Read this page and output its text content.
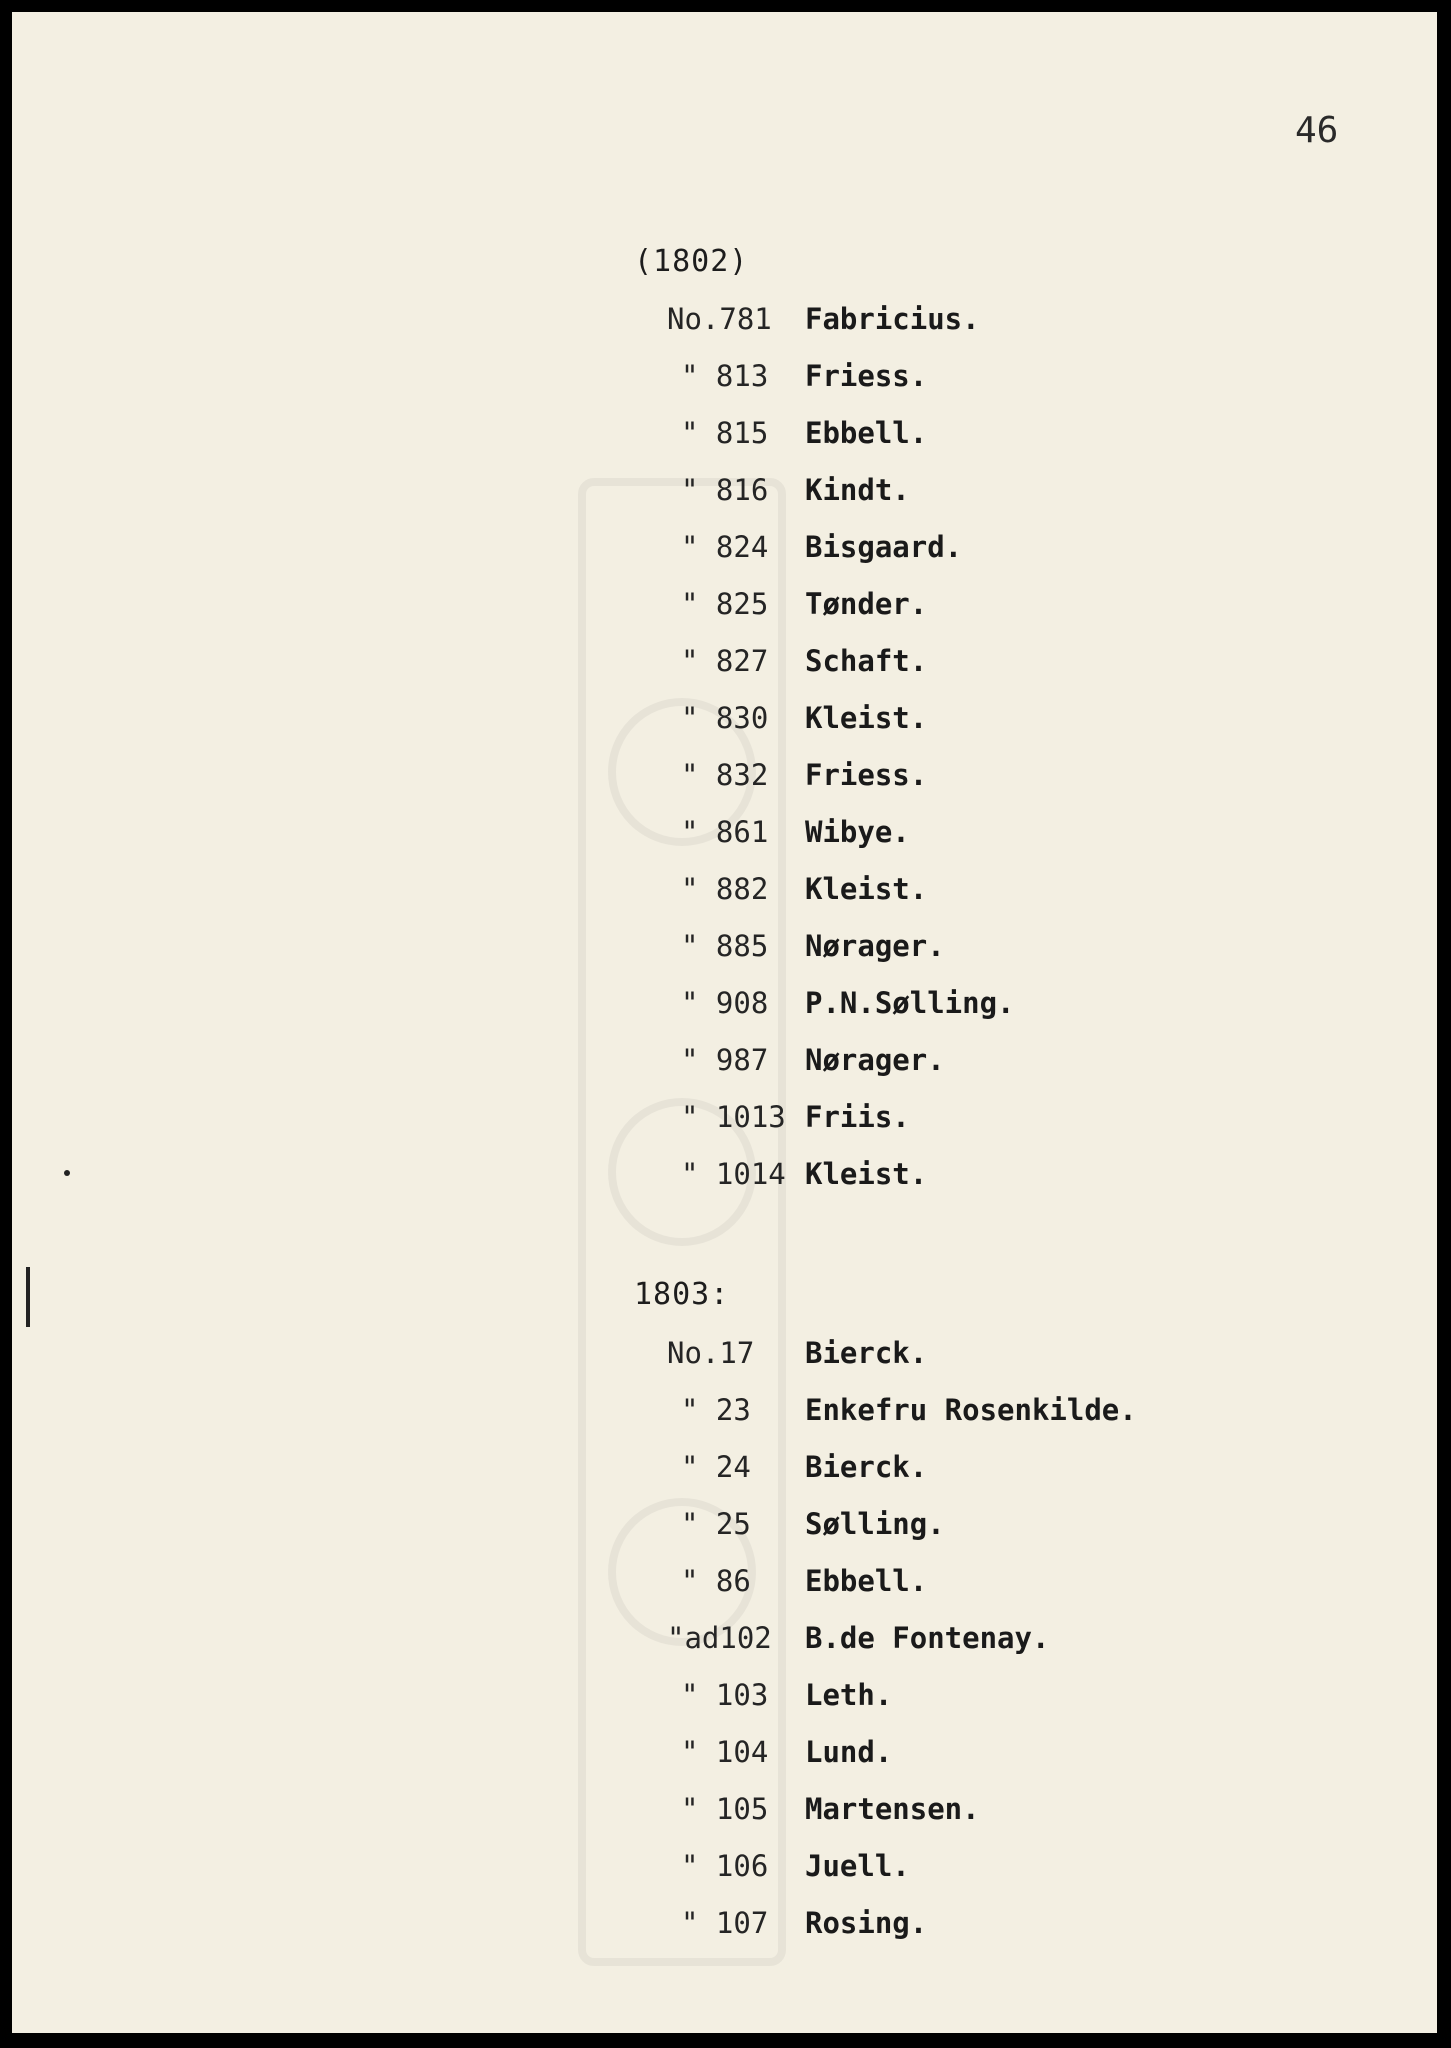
46
(1802)
No.781 Fabricius.
" 813 Friess.
" 815 Ebbell.
" 816 Kindt.
" 824 Bisgaard.
" 825 Tønder.
" 827 Schaft.
" 830 Kleist.
" 832 Friess.
" 861 Wibye.
" 882 Kleist.
" 885 Nørager.
" 908 P.N.Sølling.
" 987 Nørager.
" 1013 Friis.
" 1014 Kleist.
1803:
No.17 Bierck.
" 23 Enkefru Rosenkilde.
" 24 Bierck.
" 25 Sølling.
" 86 Ebbell.
"ad102 B.de Fontenay.
" 103 Leth.
" 104 Lund.
" 105 Martensen.
" 106 Juell.
" 107 Rosing.
